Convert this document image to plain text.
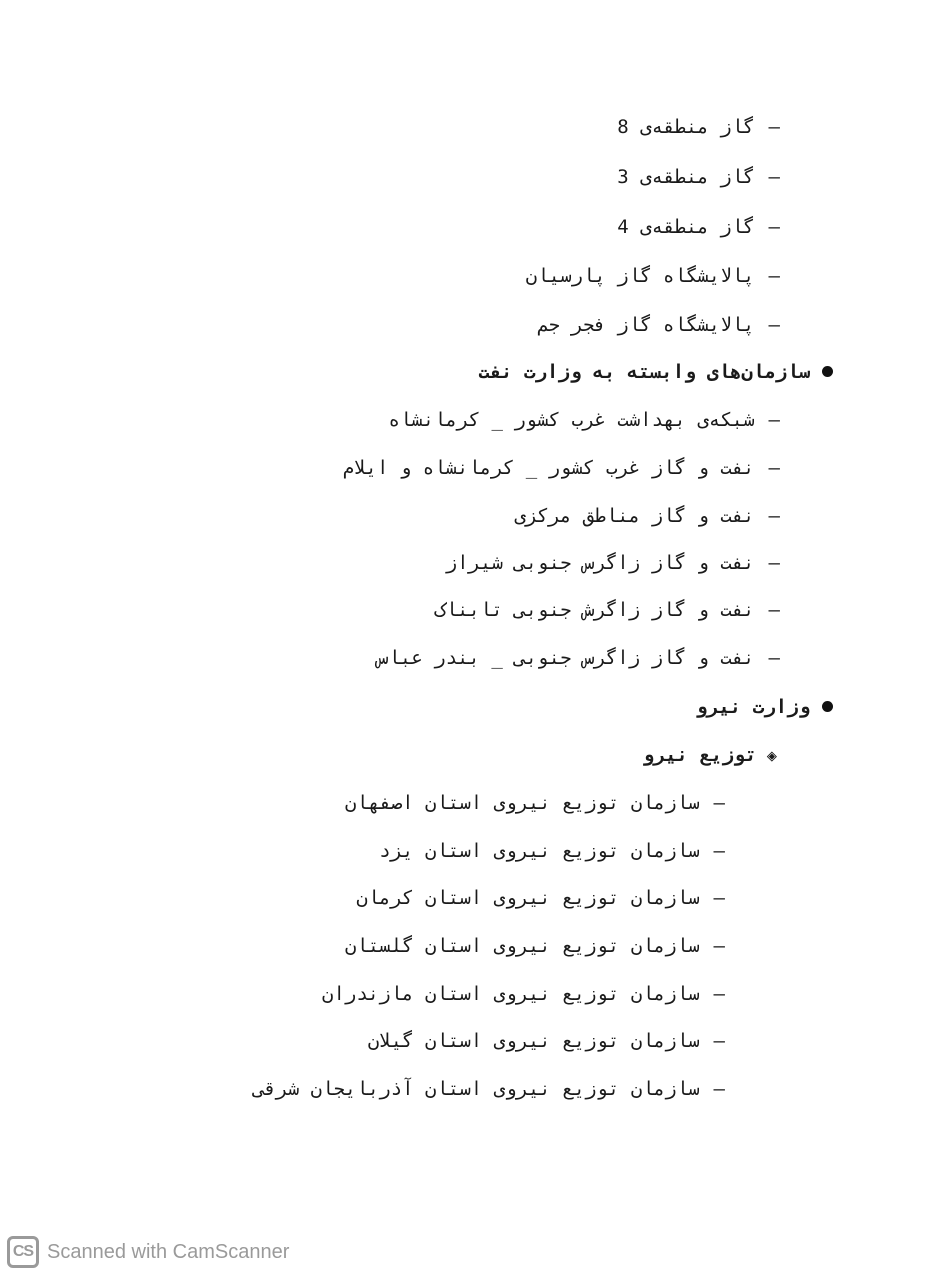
–گاز منطقه‌ی 8
–گاز منطقه‌ی 3
–گاز منطقه‌ی 4
–پالایشگاه گاز پارسیان
–پالایشگاه گاز فجر جم
سازمان‌های وابسته به وزارت نفت
–شبکه‌ی بهداشت غرب کشور _ کرمانشاه
–نفت و گاز غرب کشور _ کرمانشاه و ایلام
–نفت و گاز مناطق مرکزی
–نفت و گاز زاگرس جنوبی شیراز
–نفت و گاز زاگرش جنوبی تابناک
–نفت و گاز زاگرس جنوبی _ بندر عباس
وزارت نیرو
◈توزیع نیرو
–سازمان توزیع نیروی استان اصفهان
–سازمان توزیع نیروی استان یزد
–سازمان توزیع نیروی استان کرمان
–سازمان توزیع نیروی استان گلستان
–سازمان توزیع نیروی استان مازندران
–سازمان توزیع نیروی استان گیلان
–سازمان توزیع نیروی استان آذربایجان شرقی
CS Scanned with CamScanner
